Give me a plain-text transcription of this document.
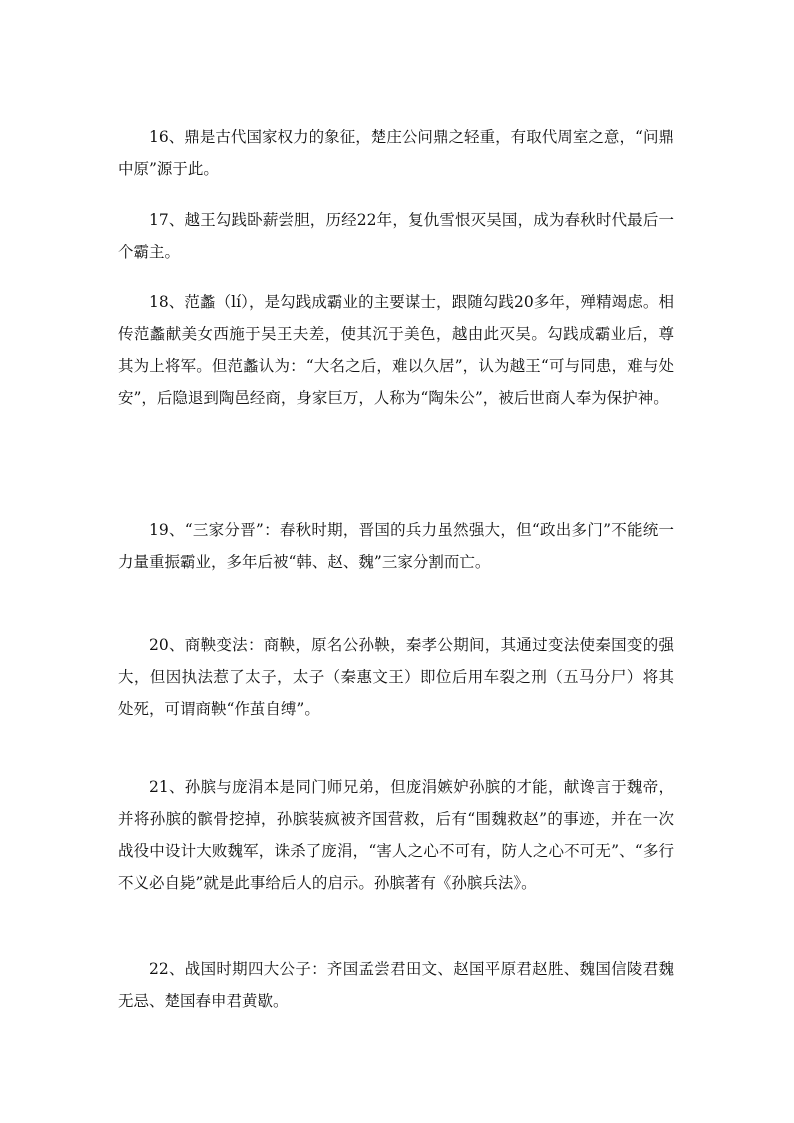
16、鼎是古代国家权力的象征，楚庄公问鼎之轻重，有取代周室之意，“问鼎中原”源于此。

17、越王勾践卧薪尝胆，历经22年，复仇雪恨灭吴国，成为春秋时代最后一个霸主。

18、范蠡（lí），是勾践成霸业的主要谋士，跟随勾践20多年，殚精竭虑。相传范蠡献美女西施于吴王夫差，使其沉于美色，越由此灭吴。勾践成霸业后，尊其为上将军。但范蠡认为：“大名之后，难以久居”，认为越王“可与同患，难与处安”，后隐退到陶邑经商，身家巨万，人称为“陶朱公”，被后世商人奉为保护神。

19、“三家分晋”：春秋时期，晋国的兵力虽然强大，但“政出多门”不能统一力量重振霸业，多年后被“韩、赵、魏”三家分割而亡。

20、商鞅变法：商鞅，原名公孙鞅，秦孝公期间，其通过变法使秦国变的强大，但因执法惹了太子，太子（秦惠文王）即位后用车裂之刑（五马分尸）将其处死，可谓商鞅“作茧自缚”。

21、孙膑与庞涓本是同门师兄弟，但庞涓嫉妒孙膑的才能，献谗言于魏帝，并将孙膑的髌骨挖掉，孙膑装疯被齐国营救，后有“围魏救赵”的事迹，并在一次战役中设计大败魏军，诛杀了庞涓，“害人之心不可有，防人之心不可无”、“多行不义必自毙”就是此事给后人的启示。孙膑著有《孙膑兵法》。

22、战国时期四大公子：齐国孟尝君田文、赵国平原君赵胜、魏国信陵君魏无忌、楚国春申君黄歇。
